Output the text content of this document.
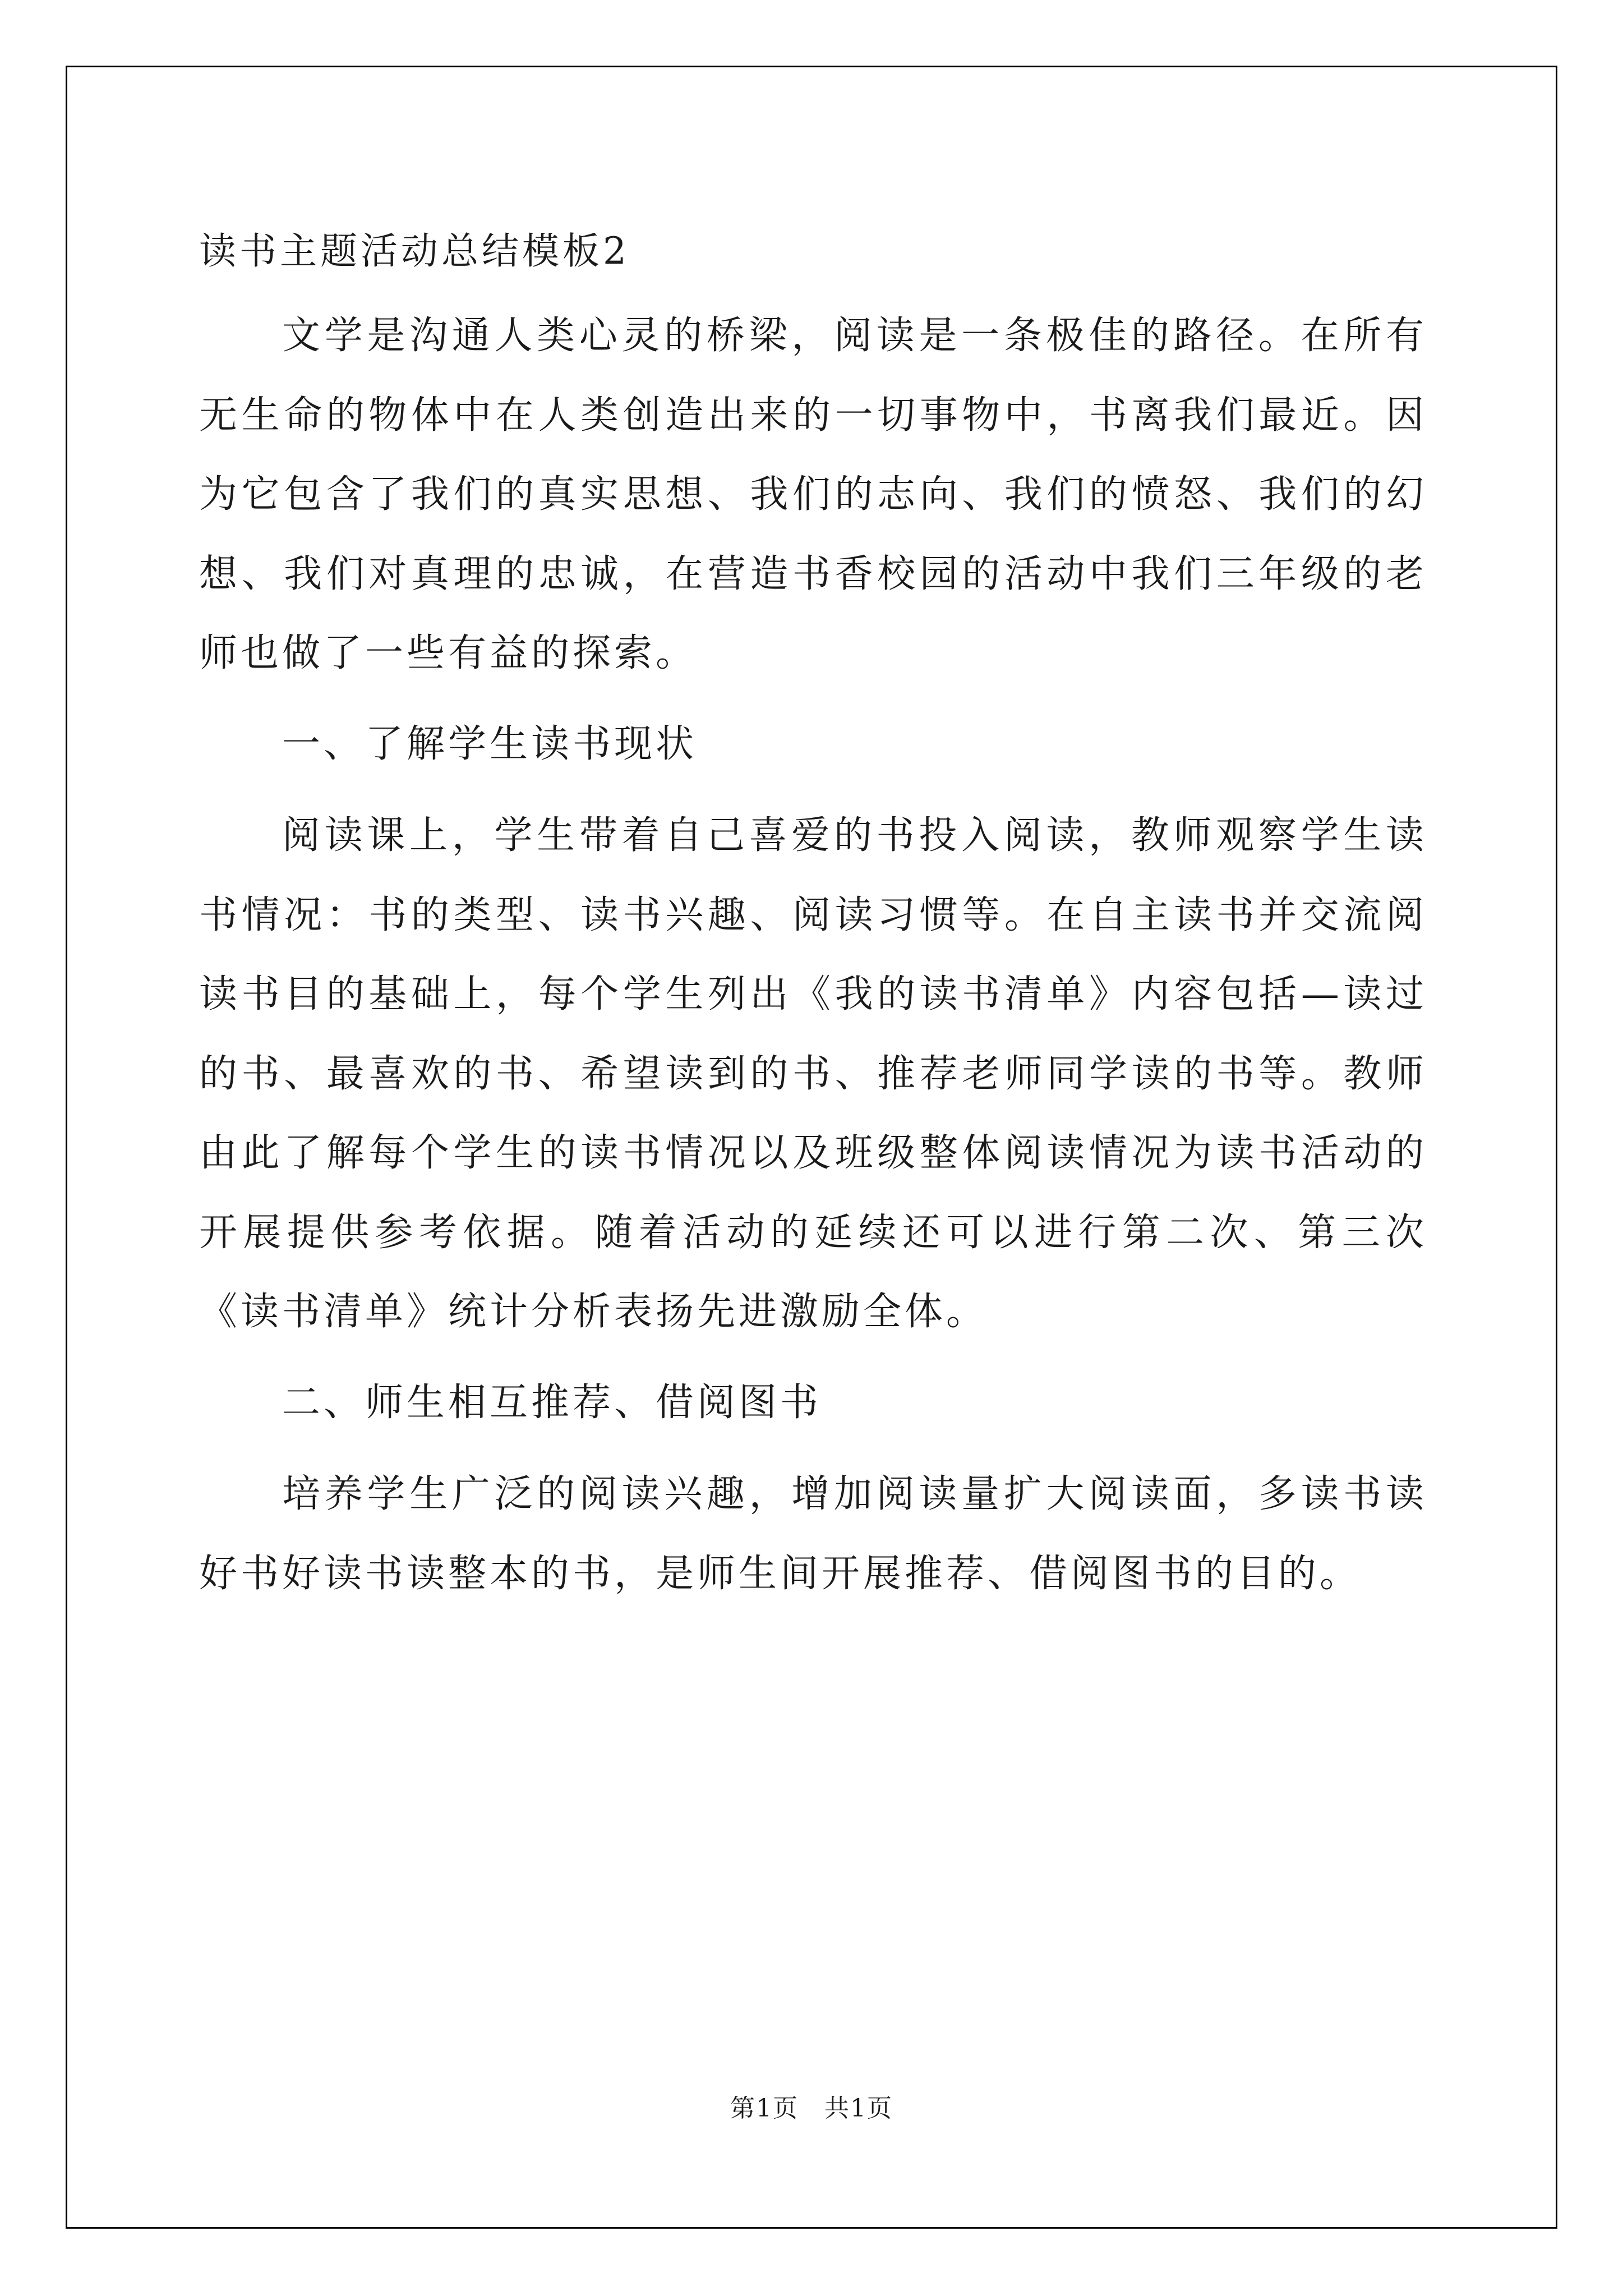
读书主题活动总结模板2

文学是沟通人类心灵的桥梁，阅读是一条极佳的路径。在所有无生命的物体中在人类创造出来的一切事物中，书离我们最近。因为它包含了我们的真实思想、我们的志向、我们的愤怒、我们的幻想、我们对真理的忠诚，在营造书香校园的活动中我们三年级的老师也做了一些有益的探索。

一、了解学生读书现状

阅读课上，学生带着自己喜爱的书投入阅读，教师观察学生读书情况：书的类型、读书兴趣、阅读习惯等。在自主读书并交流阅读书目的基础上，每个学生列出《我的读书清单》内容包括—读过的书、最喜欢的书、希望读到的书、推荐老师同学读的书等。教师由此了解每个学生的读书情况以及班级整体阅读情况为读书活动的开展提供参考依据。随着活动的延续还可以进行第二次、第三次《读书清单》统计分析表扬先进激励全体。

二、师生相互推荐、借阅图书

培养学生广泛的阅读兴趣，增加阅读量扩大阅读面，多读书读好书好读书读整本的书，是师生间开展推荐、借阅图书的目的。

第1页　共1页
